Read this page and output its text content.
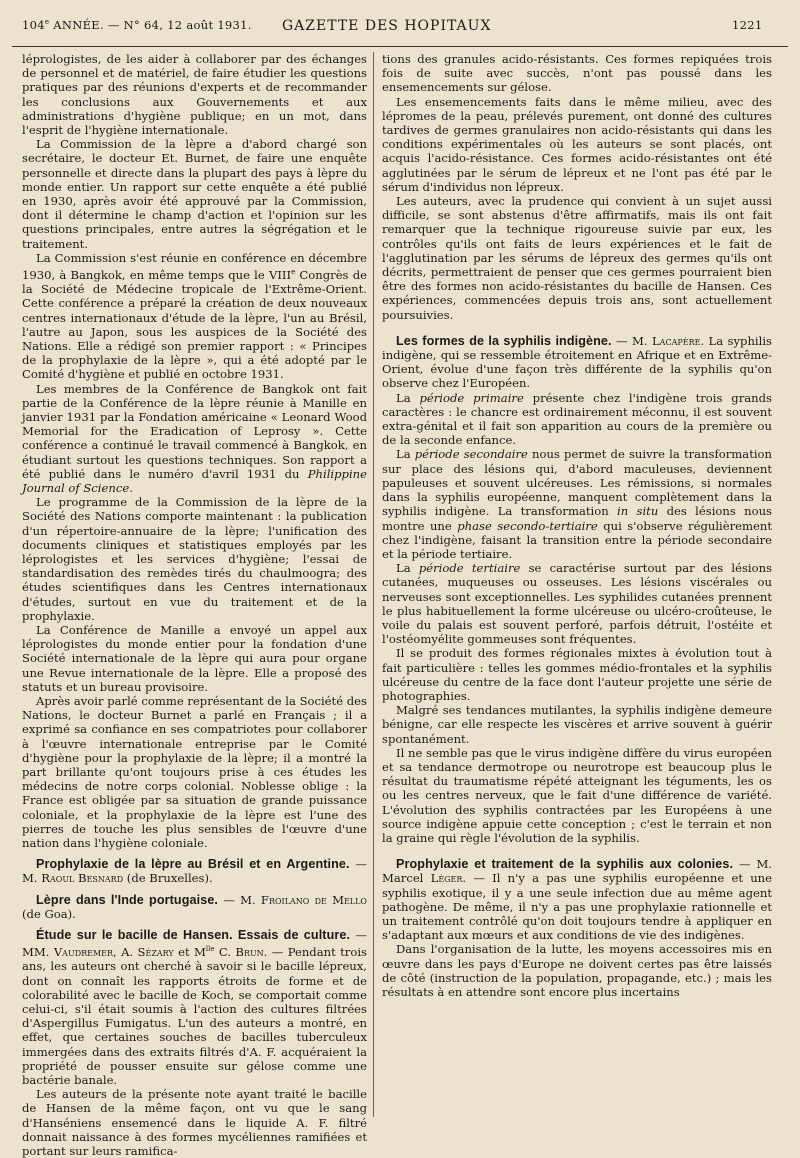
104e ANNÉE. — N° 64, 12 août 1931. GAZETTE DES HOPITAUX	1221

léprologistes, de les aider à collaborer par des échanges de personnel et de matériel, de faire étudier les questions pratiques par des réunions d'experts et de recommander les conclusions aux Gouvernements et aux administrations d'hygiène publique; en un mot, dans l'esprit de l'hygiène internationale.

La Commission de la lèpre a d'abord chargé son secrétaire, le docteur Et. Burnet, de faire une enquête personnelle et directe dans la plupart des pays à lèpre du monde entier. Un rapport sur cette enquête a été publié en 1930, après avoir été approuvé par la Commission, dont il détermine le champ d'action et l'opinion sur les questions principales, entre autres la ségrégation et le traitement.

La Commission s'est réunie en conférence en décembre 1930, à Bangkok, en même temps que le VIIIe Congrès de la Société de Médecine tropicale de l'Extrême-Orient. Cette conférence a préparé la création de deux nouveaux centres internationaux d'étude de la lèpre, l'un au Brésil, l'autre au Japon, sous les auspices de la Société des Nations. Elle a rédigé son premier rapport : « Principes de la prophylaxie de la lèpre », qui a été adopté par le Comité d'hygiène et publié en octobre 1931.

Les membres de la Conférence de Bangkok ont fait partie de la Conférence de la lèpre réunie à Manille en janvier 1931 par la Fondation américaine « Leonard Wood Memorial for the Eradication of Leprosy ». Cette conférence a continué le travail commencé à Bangkok, en étudiant surtout les questions techniques. Son rapport a été publié dans le numéro d'avril 1931 du Philippine Journal of Science.

Le programme de la Commission de la lèpre de la Société des Nations comporte maintenant : la publication d'un répertoire-annuaire de la lèpre; l'unification des documents cliniques et statistiques employés par les léprologistes et les services d'hygiène; l'essai de standardisation des remèdes tirés du chaulmoogra; des études scientifiques dans les Centres internationaux d'études, surtout en vue du traitement et de la prophylaxie.

La Conférence de Manille a envoyé un appel aux léprologistes du monde entier pour la fondation d'une Société internationale de la lèpre qui aura pour organe une Revue internationale de la lèpre. Elle a proposé des statuts et un bureau provisoire.

Après avoir parlé comme représentant de la Société des Nations, le docteur Burnet a parlé en Français ; il a exprimé sa confiance en ses compatriotes pour collaborer à l'œuvre internationale entreprise par le Comité d'hygiène pour la prophylaxie de la lèpre; il a montré la part brillante qu'ont toujours prise à ces études les médecins de notre corps colonial. Noblesse oblige : la France est obligée par sa situation de grande puissance coloniale, et la prophylaxie de la lèpre est l'une des pierres de touche les plus sensibles de l'œuvre d'une nation dans l'hygiène coloniale.

Prophylaxie de la lèpre au Brésil et en Argentine. — M. Raoul Besnard (de Bruxelles).

Lèpre dans l'Inde portugaise. — M. Froilano de Mello (de Goa).

Étude sur le bacille de Hansen. Essais de culture. — MM. Vaudremer, A. Sézary et $M^{lle}$ C. Brun. — Pendant trois ans, les auteurs ont cherché à savoir si le bacille lépreux, dont on connaît les rapports étroits de forme et de colorabilité avec le bacille de Koch, se comportait comme celui-ci, s'il était soumis à l'action des cultures filtrées d'Aspergillus Fumigatus. L'un des auteurs a montré, en effet, que certaines souches de bacilles tuberculeux immergées dans des extraits filtrés d'A. F. acquéraient la propriété de pousser ensuite sur gélose comme une bactérie banale.

Les auteurs de la présente note ayant traité le bacille de Hansen de la même façon, ont vu que le sang d'Hanséniens ensemencé dans le liquide A. F. filtré donnait naissance à des formes mycéliennes ramifiées et portant sur leurs ramifica-

tions des granules acido-résistants. Ces formes repiquées trois fois de suite avec succès, n'ont pas poussé dans les ensemencements sur gélose.

Les ensemencements faits dans le même milieu, avec des lépromes de la peau, prélevés purement, ont donné des cultures tardives de germes granulaires non acido-résistants qui dans les conditions expérimentales où les auteurs se sont placés, ont acquis l'acido-résistance. Ces formes acido-résistantes ont été agglutinées par le sérum de lépreux et ne l'ont pas été par le sérum d'individus non lépreux.

Les auteurs, avec la prudence qui convient à un sujet aussi difficile, se sont abstenus d'être affirmatifs, mais ils ont fait remarquer que la technique rigoureuse suivie par eux, les contrôles qu'ils ont faits de leurs expériences et le fait de l'agglutination par les sérums de lépreux des germes qu'ils ont décrits, permettraient de penser que ces germes pourraient bien être des formes non acido-résistantes du bacille de Hansen. Ces expériences, commencées depuis trois ans, sont actuellement poursuivies.

Les formes de la syphilis indigène. — M. Lacapère. La syphilis indigène, qui se ressemble étroitement en Afrique et en Extrême-Orient, évolue d'une façon très différente de la syphilis qu'on observe chez l'Européen.

La période primaire présente chez l'indigène trois grands caractères : le chancre est ordinairement méconnu, il est souvent extra-génital et il fait son apparition au cours de la première ou de la seconde enfance.

La période secondaire nous permet de suivre la transformation sur place des lésions qui, d'abord maculeuses, deviennent papuleuses et souvent ulcéreuses. Les rémissions, si normales dans la syphilis européenne, manquent complètement dans la syphilis indigène. La transformation in situ des lésions nous montre une phase secondo-tertiaire qui s'observe régulièrement chez l'indigène, faisant la transition entre la période secondaire et la période tertiaire.

La période tertiaire se caractérise surtout par des lésions cutanées, muqueuses ou osseuses. Les lésions viscérales ou nerveuses sont exceptionnelles. Les syphilides cutanées prennent le plus habituellement la forme ulcéreuse ou ulcéro-croûteuse, le voile du palais est souvent perforé, parfois détruit, l'ostéite et l'ostéomyélite gommeuses sont fréquentes.

Il se produit des formes régionales mixtes à évolution tout à fait particulière : telles les gommes médio-frontales et la syphilis ulcéreuse du centre de la face dont l'auteur projette une série de photographies.

Malgré ses tendances mutilantes, la syphilis indigène demeure bénigne, car elle respecte les viscères et arrive souvent à guérir spontanément.

Il ne semble pas que le virus indigène diffère du virus européen et sa tendance dermotrope ou neurotrope est beaucoup plus le résultat du traumatisme répété atteignant les téguments, les os ou les centres nerveux, que le fait d'une différence de variété. L'évolution des syphilis contractées par les Européens à une source indigène appuie cette conception ; c'est le terrain et non la graine qui règle l'évolution de la syphilis.

Prophylaxie et traitement de la syphilis aux colonies. — M. Marcel Léger. — Il n'y a pas une syphilis européenne et une syphilis exotique, il y a une seule infection due au même agent pathogène. De même, il n'y a pas une prophylaxie rationnelle et un traitement contrôlé qu'on doit toujours tendre à appliquer en s'adaptant aux mœurs et aux conditions de vie des indigènes.

Dans l'organisation de la lutte, les moyens accessoires mis en œuvre dans les pays d'Europe ne doivent certes pas être laissés de côté (instruction de la population, propagande, etc.) ; mais les résultats à en attendre sont encore plus incertains
